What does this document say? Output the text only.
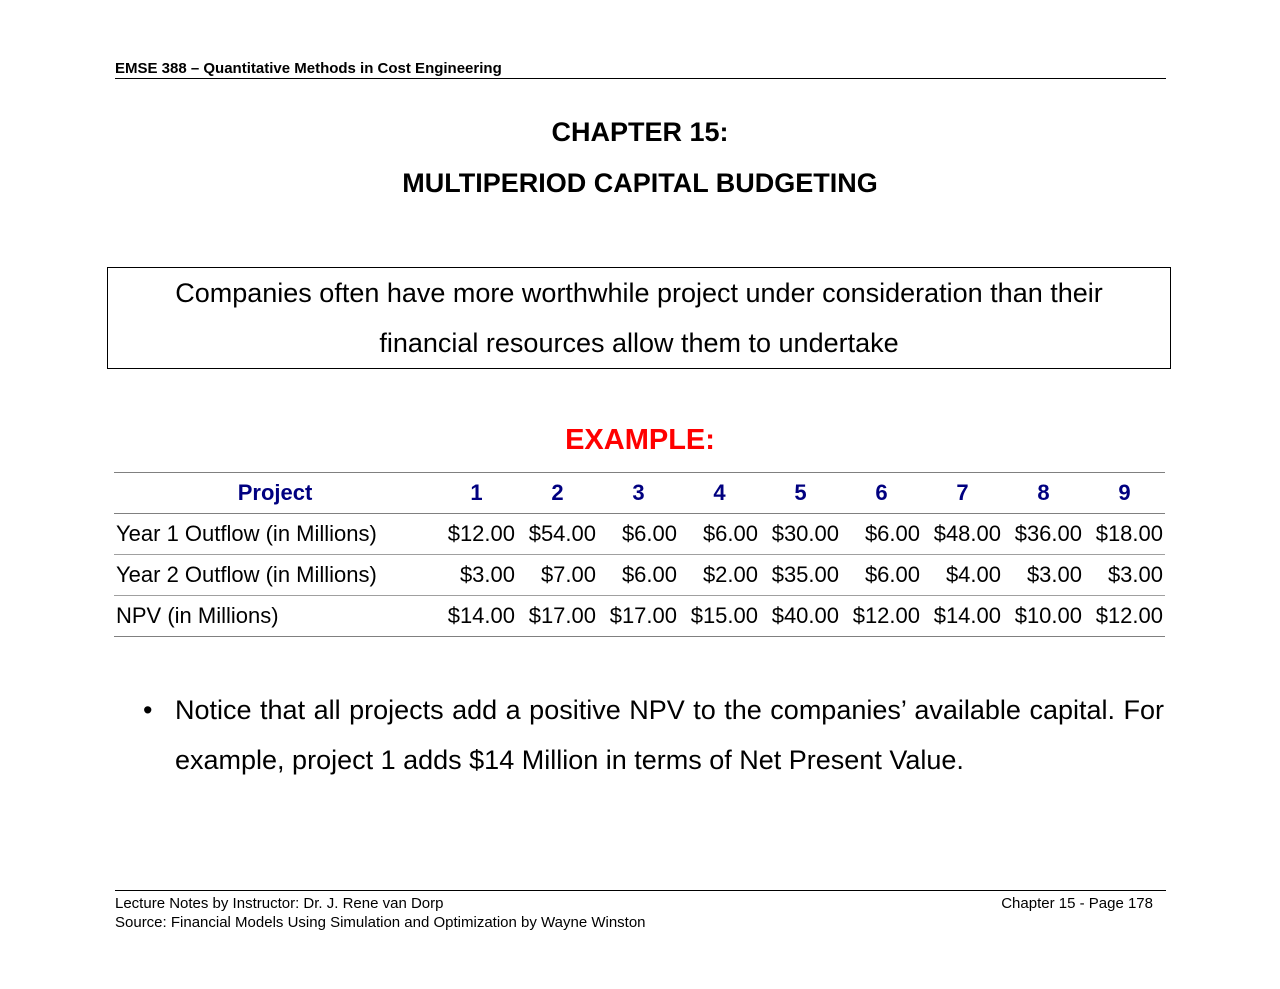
EMSE 388 – Quantitative Methods in Cost Engineering
CHAPTER 15:
MULTIPERIOD CAPITAL BUDGETING
Companies often have more worthwhile project under consideration than their
financial resources allow them to undertake
EXAMPLE:
Project	1	2	3	4	5	6	7	8	9
Year 1 Outflow (in Millions)	$12.00	$54.00	$6.00	$6.00	$30.00	$6.00	$48.00	$36.00	$18.00
Year 2 Outflow (in Millions)	$3.00	$7.00	$6.00	$2.00	$35.00	$6.00	$4.00	$3.00	$3.00
NPV (in Millions)	$14.00	$17.00	$17.00	$15.00	$40.00	$12.00	$14.00	$10.00	$12.00
• Notice that all projects add a positive NPV to the companies’ available capital. For example, project 1 adds $14 Million in terms of Net Present Value.
Lecture Notes by Instructor: Dr. J. Rene van Dorp
Source: Financial Models Using Simulation and Optimization by Wayne Winston
Chapter 15 - Page 178
